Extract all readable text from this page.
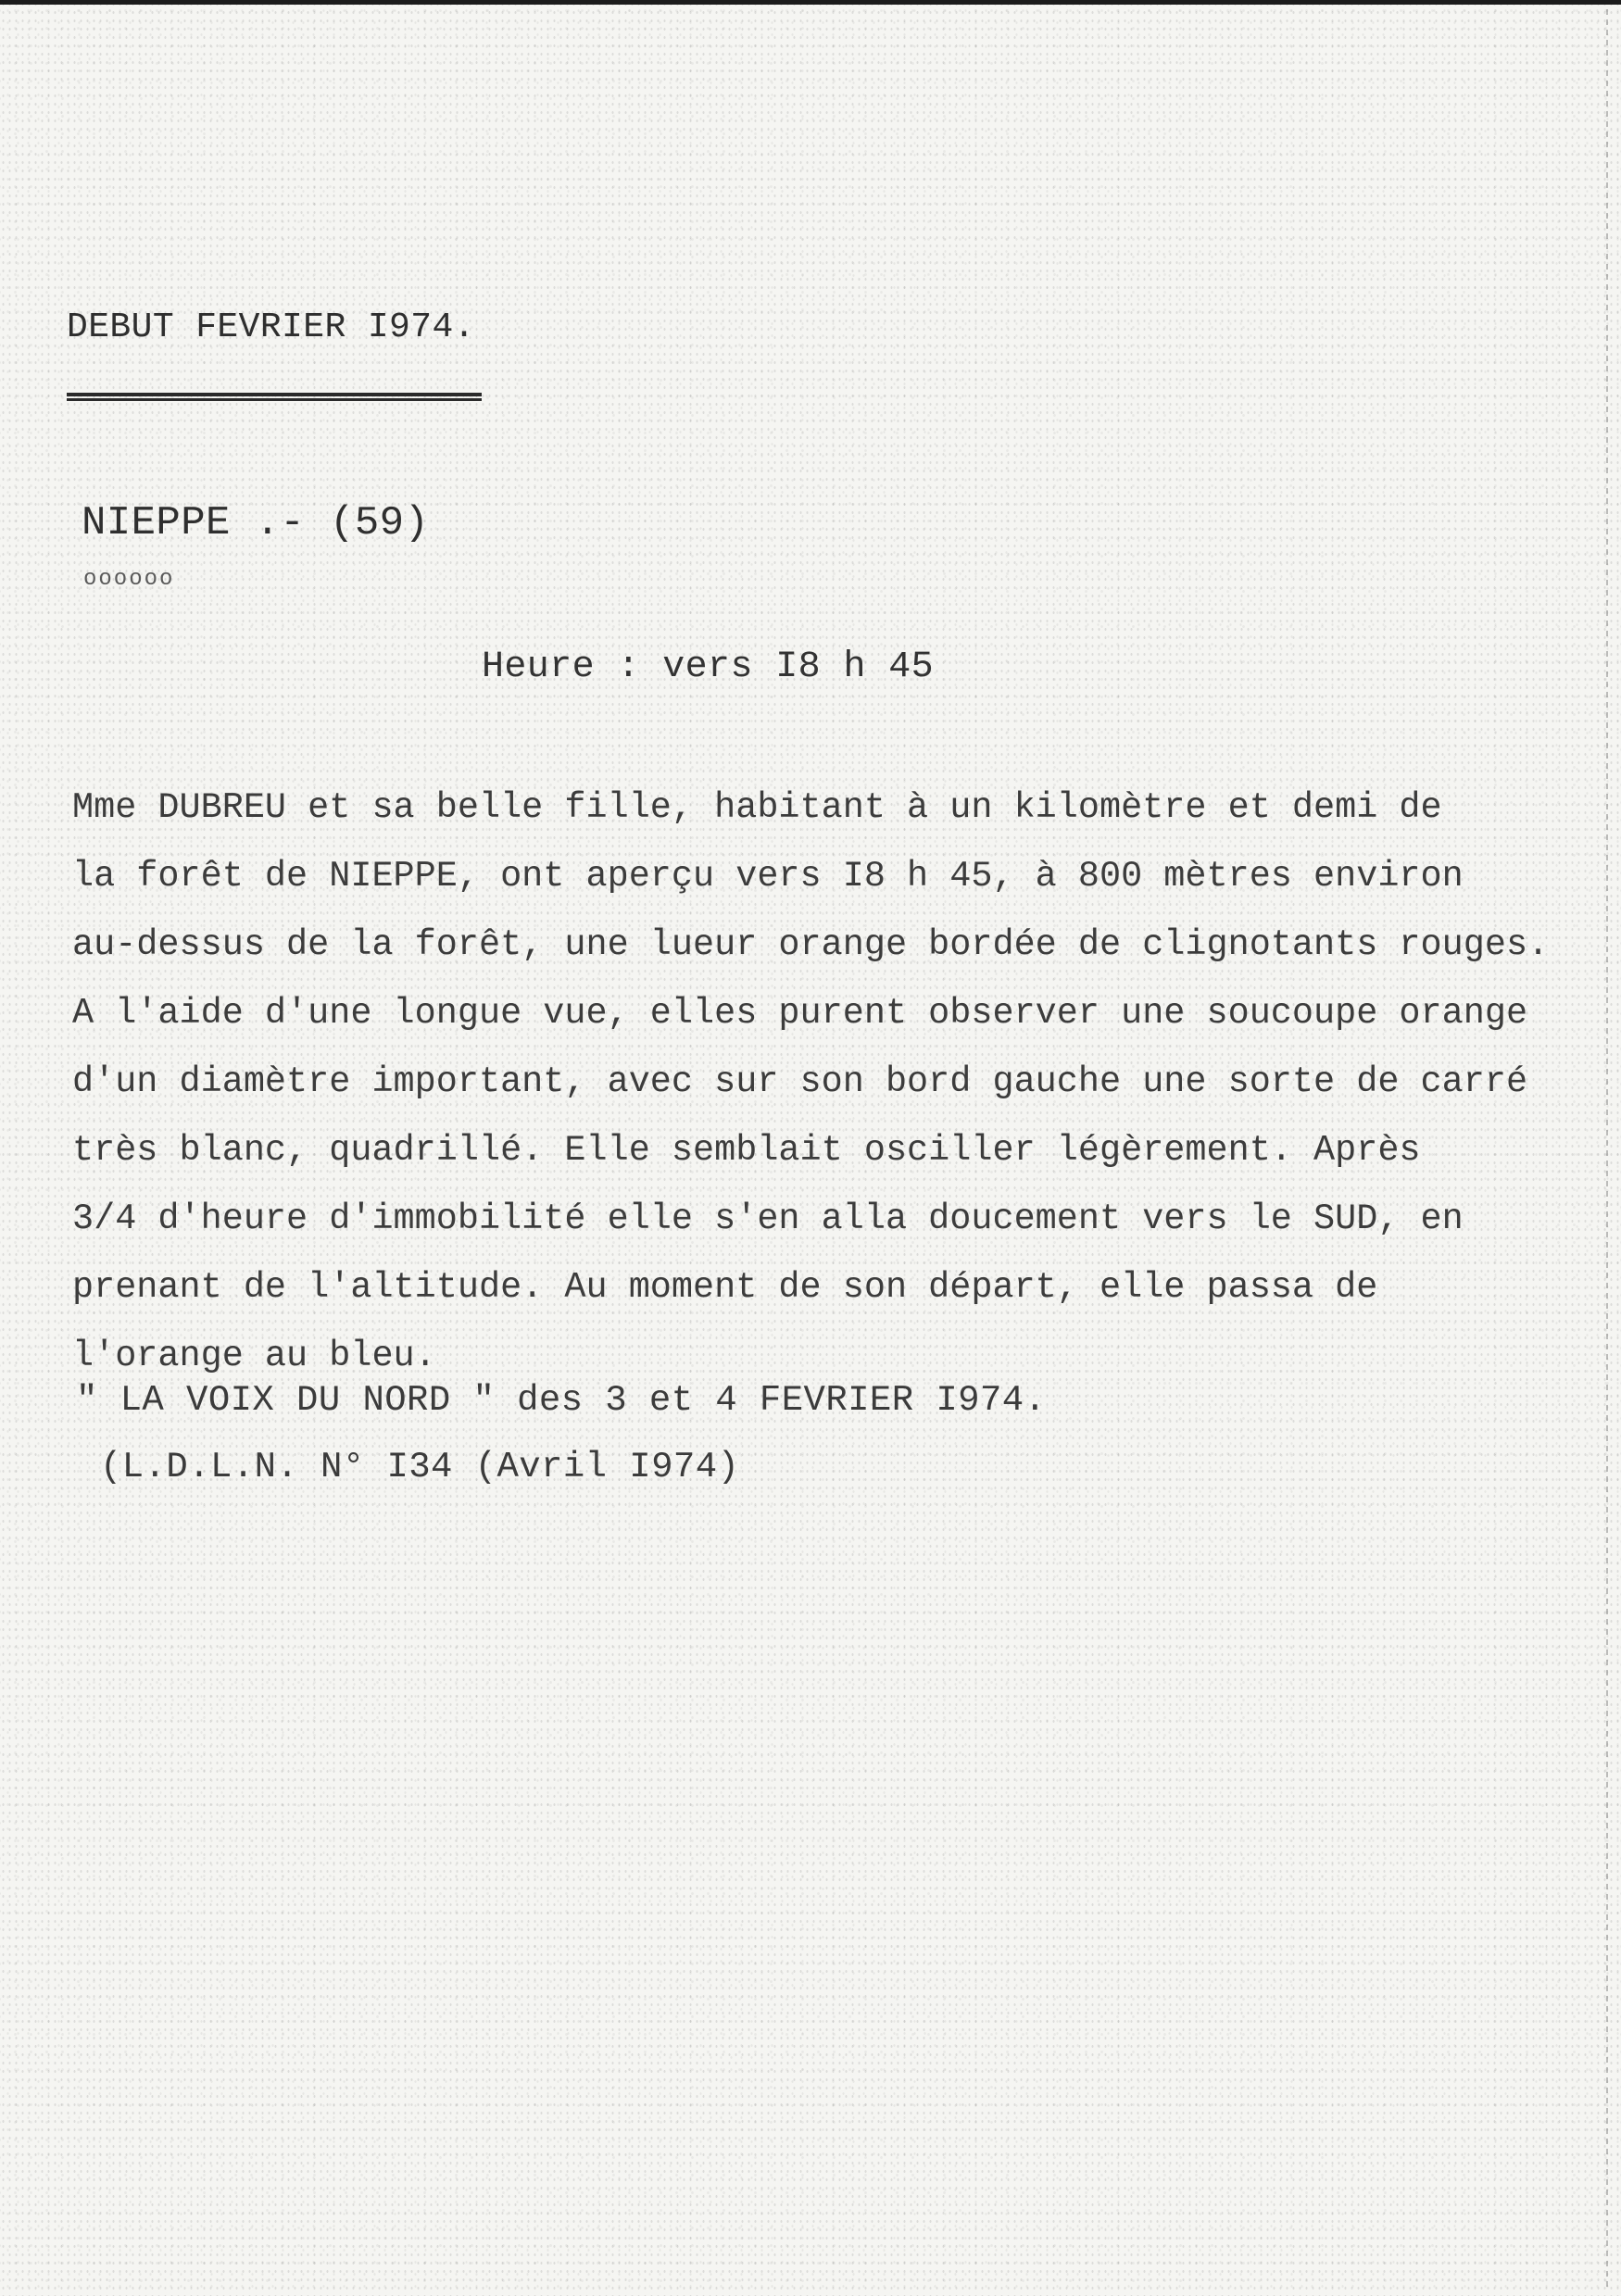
DEBUT FEVRIER I974.
NIEPPE .- (59)
oooooo
Heure : vers I8 h 45
Mme DUBREU et sa belle fille, habitant à un kilomètre et demi de
la forêt de NIEPPE, ont aperçu vers I8 h 45, à 800 mètres environ
au-dessus de la forêt, une lueur orange bordée de clignotants rouges.
A l'aide d'une longue vue, elles purent observer une soucoupe orange
d'un diamètre important, avec sur son bord gauche une sorte de carré
très blanc, quadrillé. Elle semblait osciller légèrement. Après
3/4 d'heure d'immobilité elle s'en alla doucement vers le SUD, en
prenant de l'altitude. Au moment de son départ, elle passa de
l'orange au bleu.
" LA VOIX DU NORD " des 3 et 4 FEVRIER I974.
(L.D.L.N. N° I34 (Avril I974)
